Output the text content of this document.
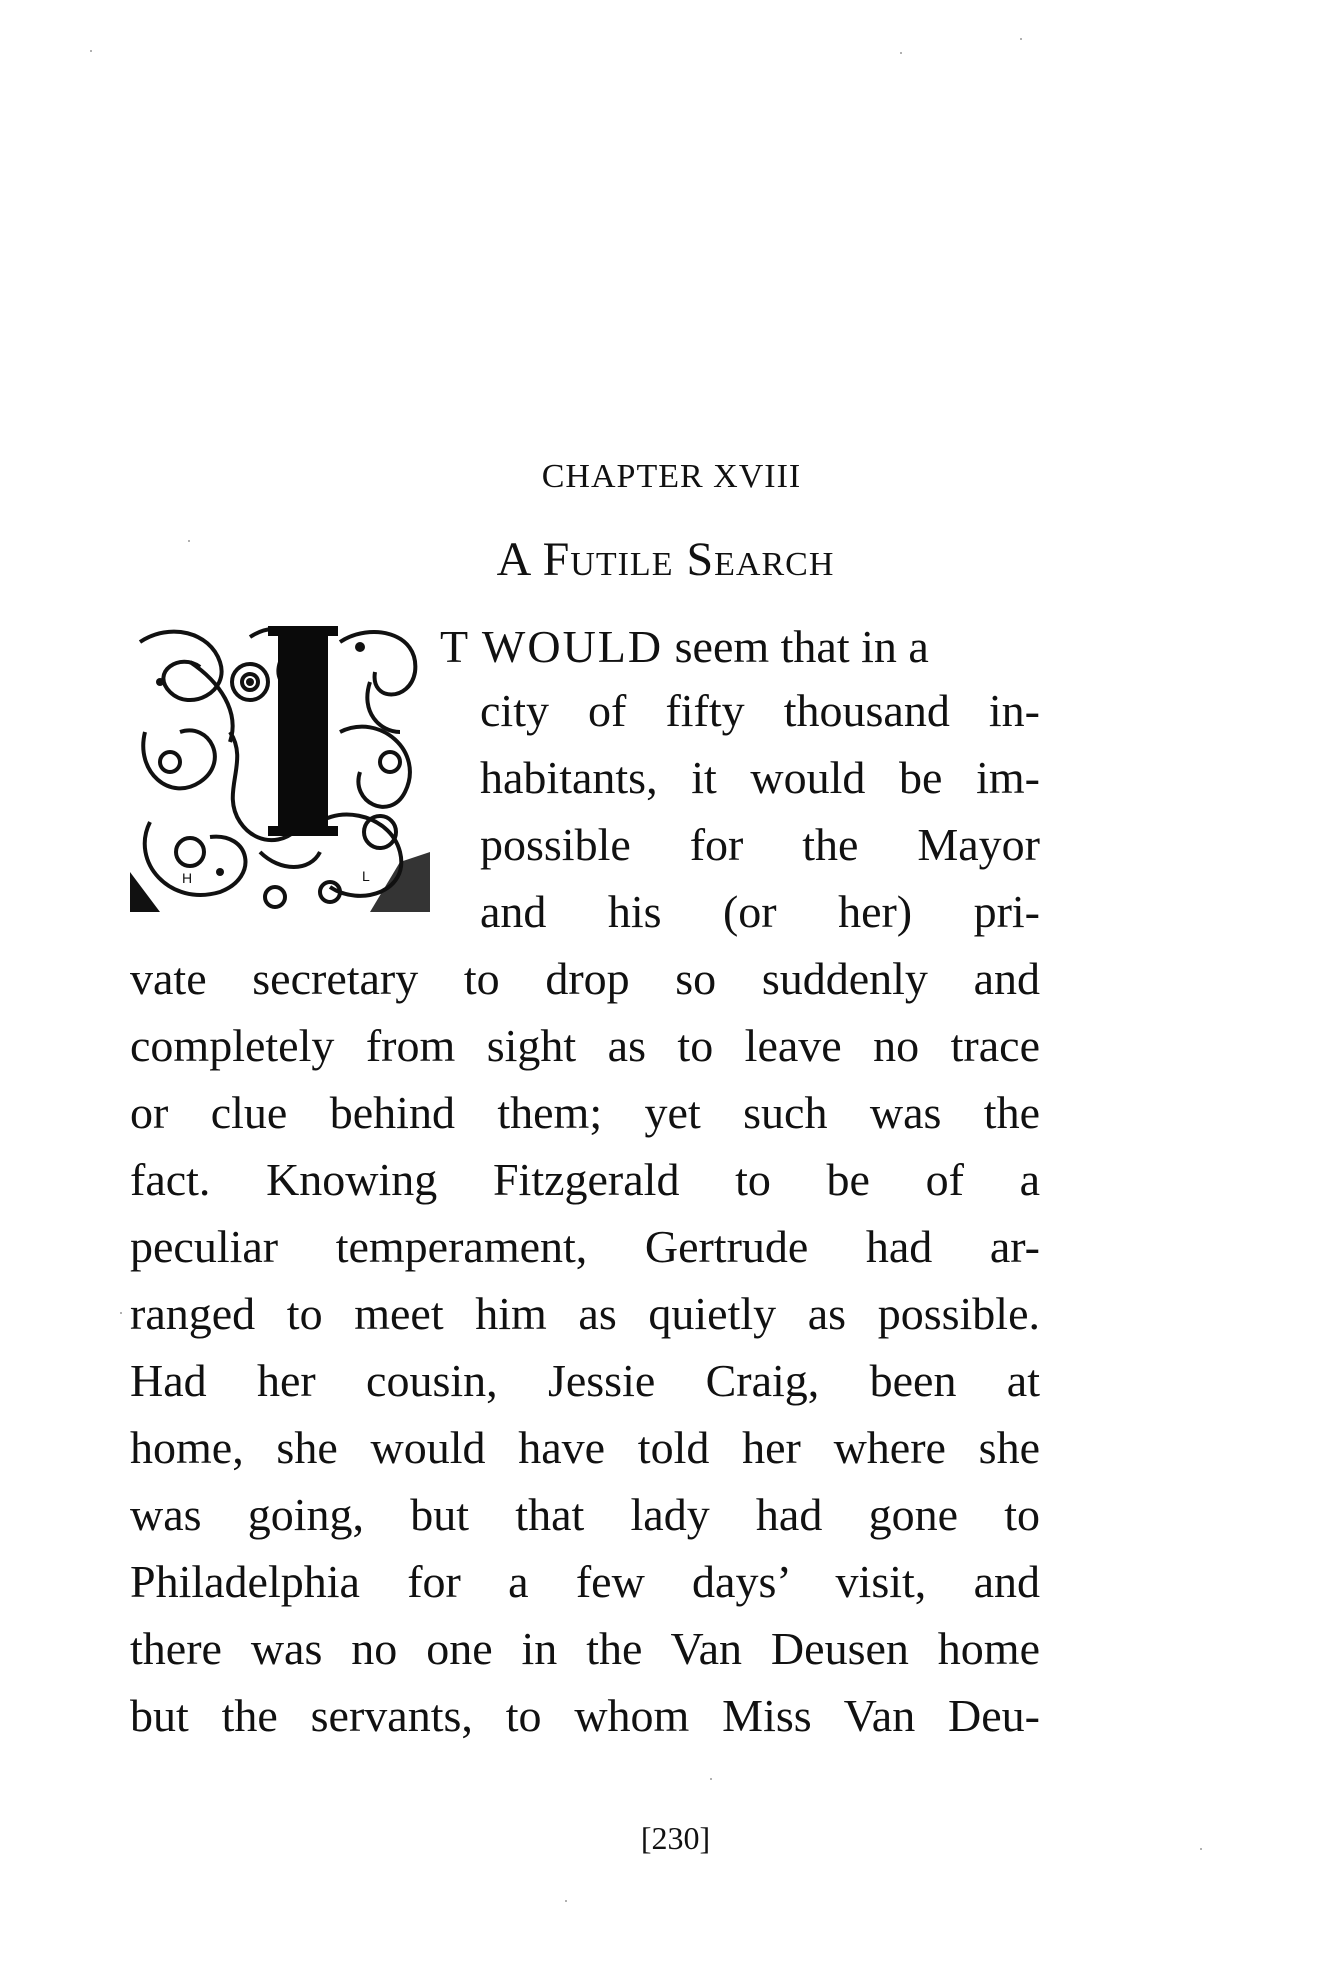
CHAPTER XVIII
A Futile Search
H	L
T WOULD seem that in a
city of fifty thousand in-
habitants, it would be im-
possible for the Mayor
and his (or her) pri-
vate secretary to drop so suddenly and
completely from sight as to leave no trace
or clue behind them; yet such was the
fact. Knowing Fitzgerald to be of a
peculiar temperament, Gertrude had ar-
ranged to meet him as quietly as possible.
Had her cousin, Jessie Craig, been at
home, she would have told her where she
was going, but that lady had gone to
Philadelphia for a few days’ visit, and
there was no one in the Van Deusen home
but the servants, to whom Miss Van Deu-
[230]
